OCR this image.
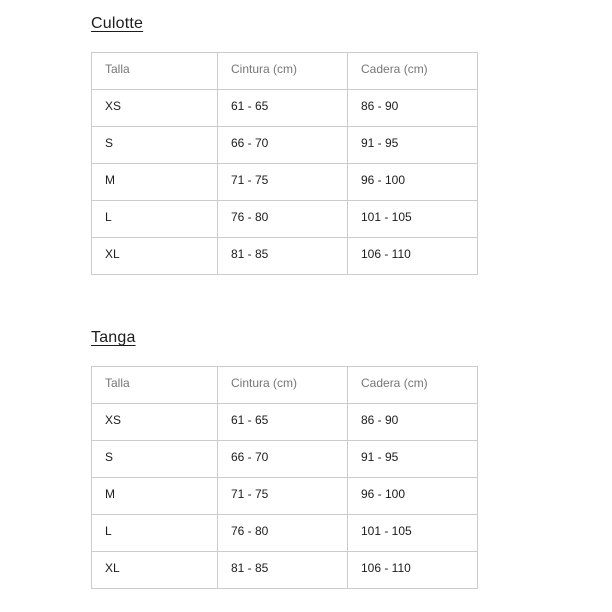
Culotte
Talla	Cintura (cm)	Cadera (cm)
XS	61 - 65	86 - 90
S	66 - 70	91 - 95
M	71 - 75	96 - 100
L	76 - 80	101 - 105
XL	81 - 85	106 - 110
Tanga
Talla	Cintura (cm)	Cadera (cm)
XS	61 - 65	86 - 90
S	66 - 70	91 - 95
M	71 - 75	96 - 100
L	76 - 80	101 - 105
XL	81 - 85	106 - 110
